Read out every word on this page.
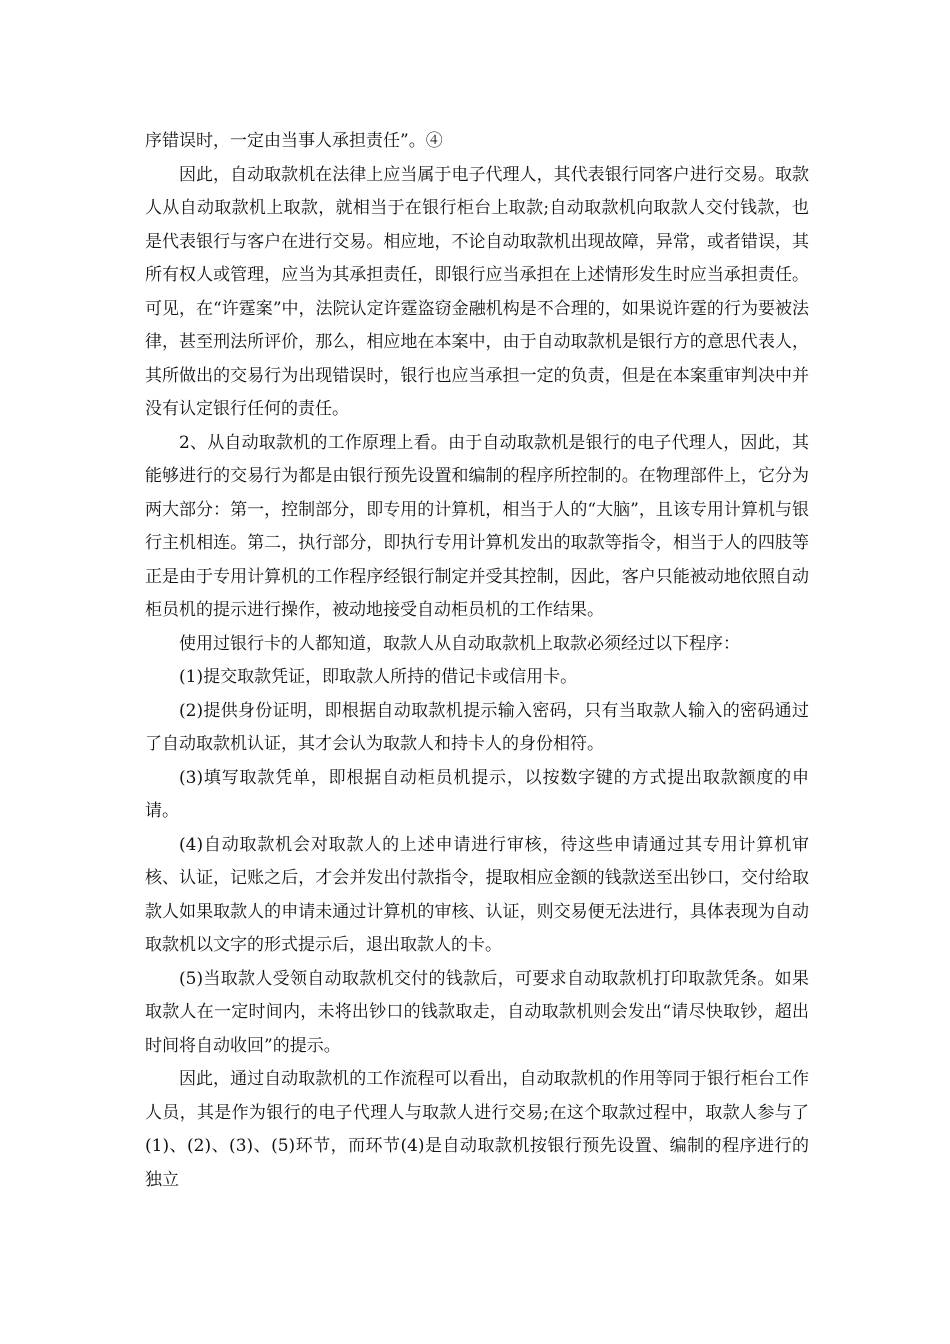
序错误时，一定由当事人承担责任”。④

因此，自动取款机在法律上应当属于电子代理人，其代表银行同客户进行交易。取款人从自动取款机上取款，就相当于在银行柜台上取款;自动取款机向取款人交付钱款，也是代表银行与客户在进行交易。相应地，不论自动取款机出现故障，异常，或者错误，其所有权人或管理，应当为其承担责任，即银行应当承担在上述情形发生时应当承担责任。可见，在“许霆案”中，法院认定许霆盗窃金融机构是不合理的，如果说许霆的行为要被法律，甚至刑法所评价，那么，相应地在本案中，由于自动取款机是银行方的意思代表人，其所做出的交易行为出现错误时，银行也应当承担一定的负责，但是在本案重审判决中并没有认定银行任何的责任。

2、从自动取款机的工作原理上看。由于自动取款机是银行的电子代理人，因此，其能够进行的交易行为都是由银行预先设置和编制的程序所控制的。在物理部件上，它分为两大部分：第一，控制部分，即专用的计算机，相当于人的“大脑”，且该专用计算机与银行主机相连。第二，执行部分，即执行专用计算机发出的取款等指令，相当于人的四肢等正是由于专用计算机的工作程序经银行制定并受其控制，因此，客户只能被动地依照自动柜员机的提示进行操作，被动地接受自动柜员机的工作结果。

使用过银行卡的人都知道，取款人从自动取款机上取款必须经过以下程序：

(1)提交取款凭证，即取款人所持的借记卡或信用卡。

(2)提供身份证明，即根据自动取款机提示输入密码，只有当取款人输入的密码通过了自动取款机认证，其才会认为取款人和持卡人的身份相符。

(3)填写取款凭单，即根据自动柜员机提示，以按数字键的方式提出取款额度的申请。

(4)自动取款机会对取款人的上述申请进行审核，待这些申请通过其专用计算机审核、认证，记账之后，才会并发出付款指令，提取相应金额的钱款送至出钞口，交付给取款人如果取款人的申请未通过计算机的审核、认证，则交易便无法进行，具体表现为自动取款机以文字的形式提示后，退出取款人的卡。

(5)当取款人受领自动取款机交付的钱款后，可要求自动取款机打印取款凭条。如果取款人在一定时间内，未将出钞口的钱款取走，自动取款机则会发出“请尽快取钞，超出时间将自动收回”的提示。

因此，通过自动取款机的工作流程可以看出，自动取款机的作用等同于银行柜台工作人员，其是作为银行的电子代理人与取款人进行交易;在这个取款过程中，取款人参与了(1)、(2)、(3)、(5)环节，而环节(4)是自动取款机按银行预先设置、编制的程序进行的独立
